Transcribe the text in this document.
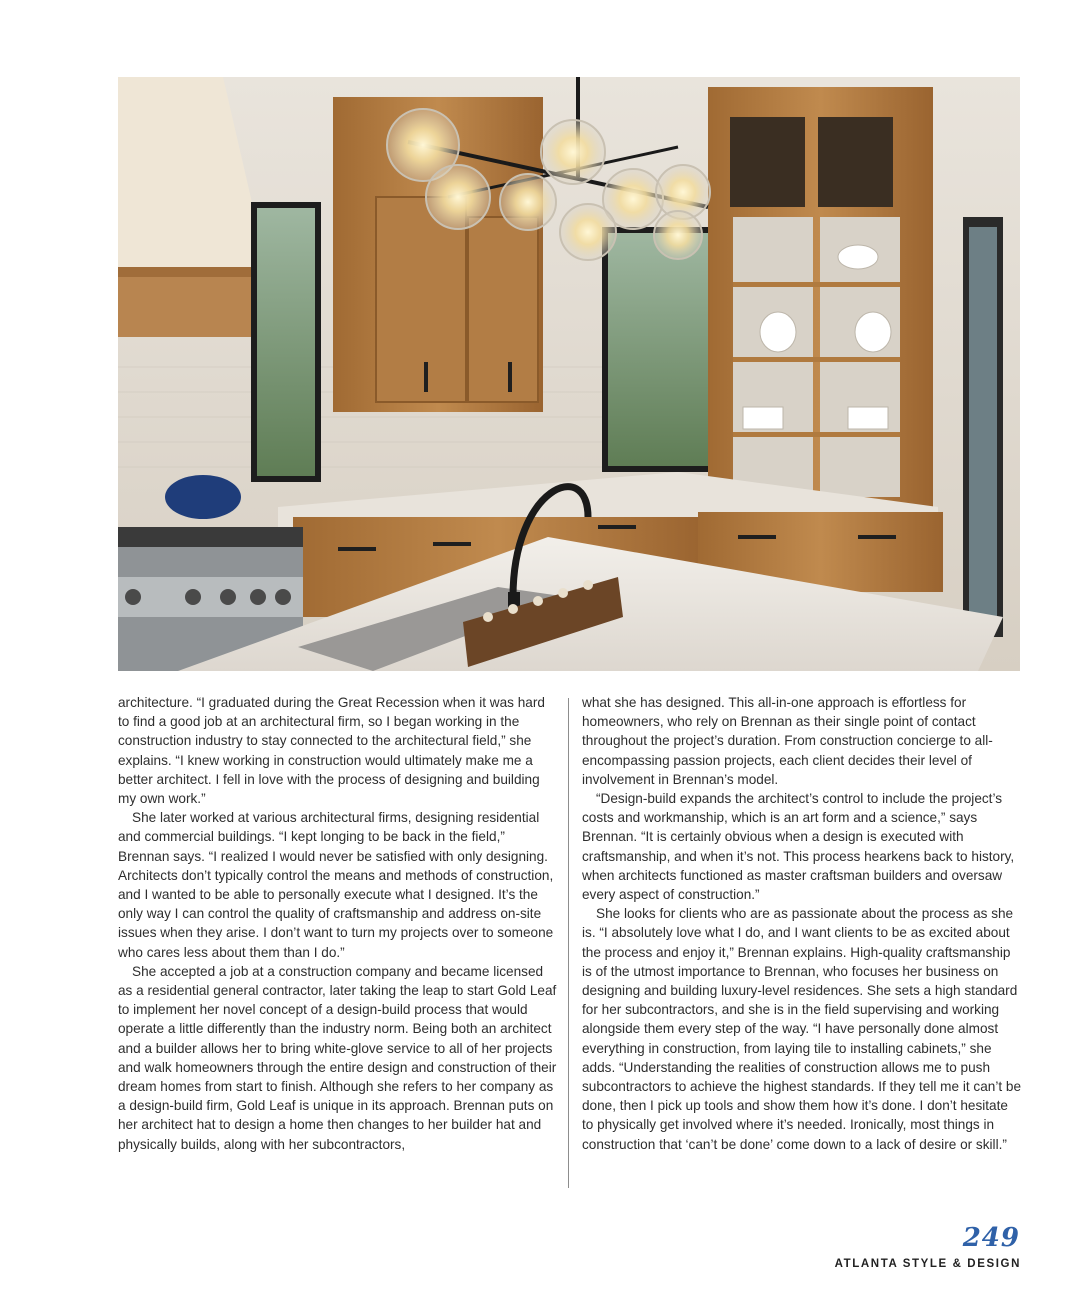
architecture. “I graduated during the Great Recession when it was hard to find a good job at an architectural firm, so I began working in the construction industry to stay connected to the architectural field,” she explains. “I knew working in construction would ultimately make me a better architect. I fell in love with the process of designing and building my own work.”

She later worked at various architectural firms, designing residential and commercial buildings. “I kept longing to be back in the field,” Brennan says. “I realized I would never be satisfied with only designing. Architects don’t typically control the means and methods of construction, and I wanted to be able to personally execute what I designed. It’s the only way I can control the quality of craftsmanship and address on-site issues when they arise. I don’t want to turn my projects over to someone who cares less about them than I do.”

She accepted a job at a construction company and became licensed as a residential general contractor, later taking the leap to start Gold Leaf to implement her novel concept of a design-build process that would operate a little differently than the industry norm. Being both an architect and a builder allows her to bring white-glove service to all of her projects and walk homeowners through the entire design and construction of their dream homes from start to finish. Although she refers to her company as a design-build firm, Gold Leaf is unique in its approach. Brennan puts on her architect hat to design a home then changes to her builder hat and physically builds, along with her subcontractors,

what she has designed. This all-in-one approach is effortless for homeowners, who rely on Brennan as their single point of contact throughout the project’s duration. From construction concierge to all-encompassing passion projects, each client decides their level of involvement in Brennan’s model.

“Design-build expands the architect’s control to include the project’s costs and workmanship, which is an art form and a science,” says Brennan. “It is certainly obvious when a design is executed with craftsmanship, and when it’s not. This process hearkens back to history, when architects functioned as master craftsman builders and oversaw every aspect of construction.”

She looks for clients who are as passionate about the process as she is. “I absolutely love what I do, and I want clients to be as excited about the process and enjoy it,” Brennan explains. High-quality craftsmanship is of the utmost importance to Brennan, who focuses her business on designing and building luxury-level residences. She sets a high standard for her subcontractors, and she is in the field supervising and working alongside them every step of the way. “I have personally done almost everything in construction, from laying tile to installing cabinets,” she adds. “Understanding the realities of construction allows me to push subcontractors to achieve the highest standards. If they tell me it can’t be done, then I pick up tools and show them how it’s done. I don’t hesitate to physically get involved where it’s needed. Ironically, most things in construction that ‘can’t be done’ come down to a lack of desire or skill.”

249
ATLANTA STYLE & DESIGN
